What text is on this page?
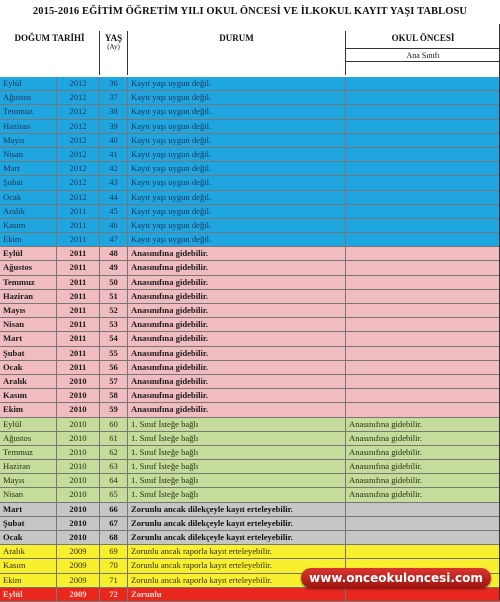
2015-2016 EĞİTİM ÖĞRETİM YILI OKUL ÖNCESİ VE İLKOKUL KAYIT YAŞI TABLOSU
DOĞUM TARİHİ	YAŞ
(Ay)
DURUM	OKUL ÖNCESİ
Ana Sınıfı
Eylül	2012	36	Kayıt yaşı uygun değil.
Ağustos	2012	37	Kayıt yaşı uygun değil.
Temmuz	2012	38	Kayıt yaşı uygun değil.
Haziran	2012	39	Kayıt yaşı uygun değil.
Mayıs	2012	40	Kayıt yaşı uygun değil.
Nisan	2012	41	Kayıt yaşı uygun değil.
Mart	2012	42	Kayıt yaşı uygun değil.
Şubat	2012	43	Kayıt yaşı uygun değil.
Ocak	2012	44	Kayıt yaşı uygun değil.
Aralık	2011	45	Kayıt yaşı uygun değil.
Kasım	2011	46	Kayıt yaşı uygun değil.
Ekim	2011	47	Kayıt yaşı uygun değil.
Eylül	2011	48	Anasınıfına gidebilir.
Ağustos	2011	49	Anasınıfına gidebilir.
Temmuz	2011	50	Anasınıfına gidebilir.
Haziran	2011	51	Anasınıfına gidebilir.
Mayıs	2011	52	Anasınıfına gidebilir.
Nisan	2011	53	Anasınıfına gidebilir.
Mart	2011	54	Anasınıfına gidebilir.
Şubat	2011	55	Anasınıfına gidebilir.
Ocak	2011	56	Anasınıfına gidebilir.
Aralık	2010	57	Anasınıfına gidebilir.
Kasım	2010	58	Anasınıfına gidebilir.
Ekim	2010	59	Anasınıfına gidebilir.
Eylül	2010	60	1. Sınıf İsteğe bağlı	Anasınıfına gidebilir.
Ağustos	2010	61	1. Sınıf İsteğe bağlı	Anasınıfına gidebilir.
Temmuz	2010	62	1. Sınıf İsteğe bağlı	Anasınıfına gidebilir.
Haziran	2010	63	1. Sınıf İsteğe bağlı	Anasınıfına gidebilir.
Mayıs	2010	64	1. Sınıf İsteğe bağlı	Anasınıfına gidebilir.
Nisan	2010	65	1. Sınıf İsteğe bağlı	Anasınıfına gidebilir.
Mart	2010	66	Zorunlu ancak dilekçeyle kayıt erteleyebilir.
Şubat	2010	67	Zorunlu ancak dilekçeyle kayıt erteleyebilir.
Ocak	2010	68	Zorunlu ancak dilekçeyle kayıt erteleyebilir.
Aralık	2009	69	Zorunlu ancak raporla kayıt erteleyebilir.
Kasım	2009	70	Zorunlu ancak raporla kayıt erteleyebilir.
Ekim	2009	71	Zorunlu ancak raporla kayıt erteleyebilir.
Eylül	2009	72	Zorunlu
www.onceokuloncesi.com
